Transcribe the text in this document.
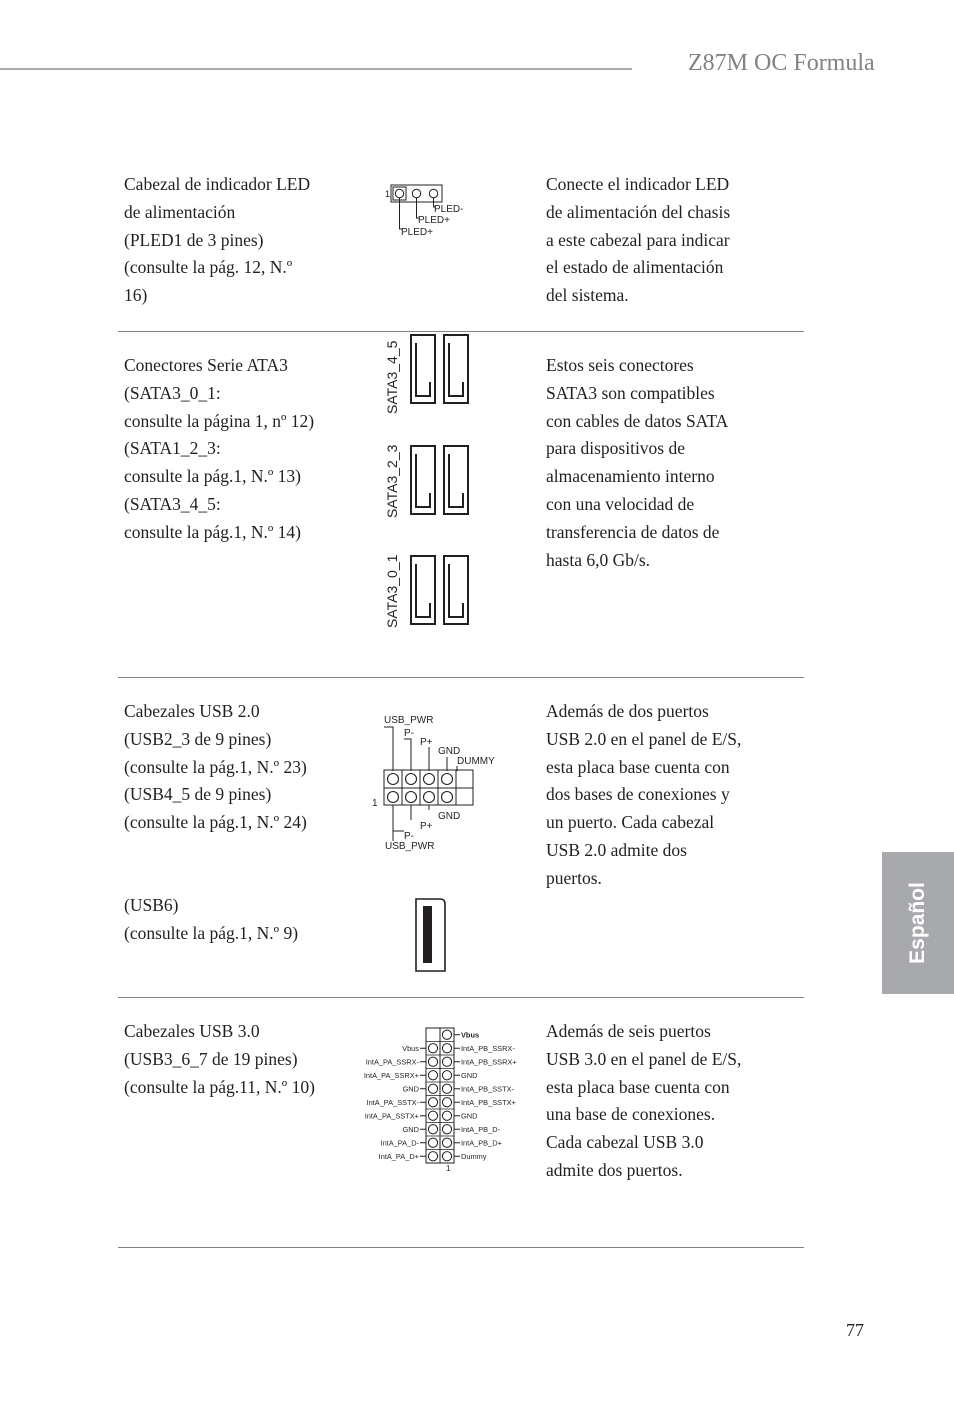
Z87M OC Formula
Cabezal de indicador LED
de alimentación
(PLED1 de 3 pines)
(consulte la pág. 12, N.º
16)
Conecte el indicador LED
de alimentación del chasis
a este cabezal para indicar
el estado de alimentación
del sistema.
1
PLED-
PLED+
PLED+
Conectores Serie ATA3
(SATA3_0_1:
consulte la página 1, nº 12)
(SATA1_2_3:
consulte la pág.1, N.º 13)
(SATA3_4_5:
consulte la pág.1, N.º 14)
Estos seis conectores
SATA3 son compatibles
con cables de datos SATA
para dispositivos de
almacenamiento interno
con una velocidad de
transferencia de datos de
hasta 6,0 Gb/s.
SATA3_4_5
SATA3_2_3
SATA3_0_1
Cabezales USB 2.0
(USB2_3 de 9 pines)
(consulte la pág.1, N.º 23)
(USB4_5 de 9 pines)
(consulte la pág.1, N.º 24)
Además de dos puertos
USB 2.0 en el panel de E/S,
esta placa base cuenta con
dos bases de conexiones y
un puerto. Cada cabezal
USB 2.0 admite dos
puertos.
(USB6)
(consulte la pág.1, N.º 9)
USB_PWR
P-
P+
GND
DUMMY
1
GND
P+
P-
USB_PWR
Cabezales USB 3.0
(USB3_6_7 de 19 pines)
(consulte la pág.11, N.º 10)
Además de seis puertos
USB 3.0 en el panel de E/S,
esta placa base cuenta con
una base de conexiones.
Cada cabezal USB 3.0
admite dos puertos.
Vbus
IntA_PB_SSRX-
Vbus
IntA_PB_SSRX+
IntA_PA_SSRX-
GND
IntA_PA_SSRX+
IntA_PB_SSTX-
GND
IntA_PB_SSTX+
IntA_PA_SSTX-
GND
IntA_PA_SSTX+
IntA_PB_D-
GND
IntA_PB_D+
IntA_PA_D-
Dummy
IntA_PA_D+
1
Español
77
